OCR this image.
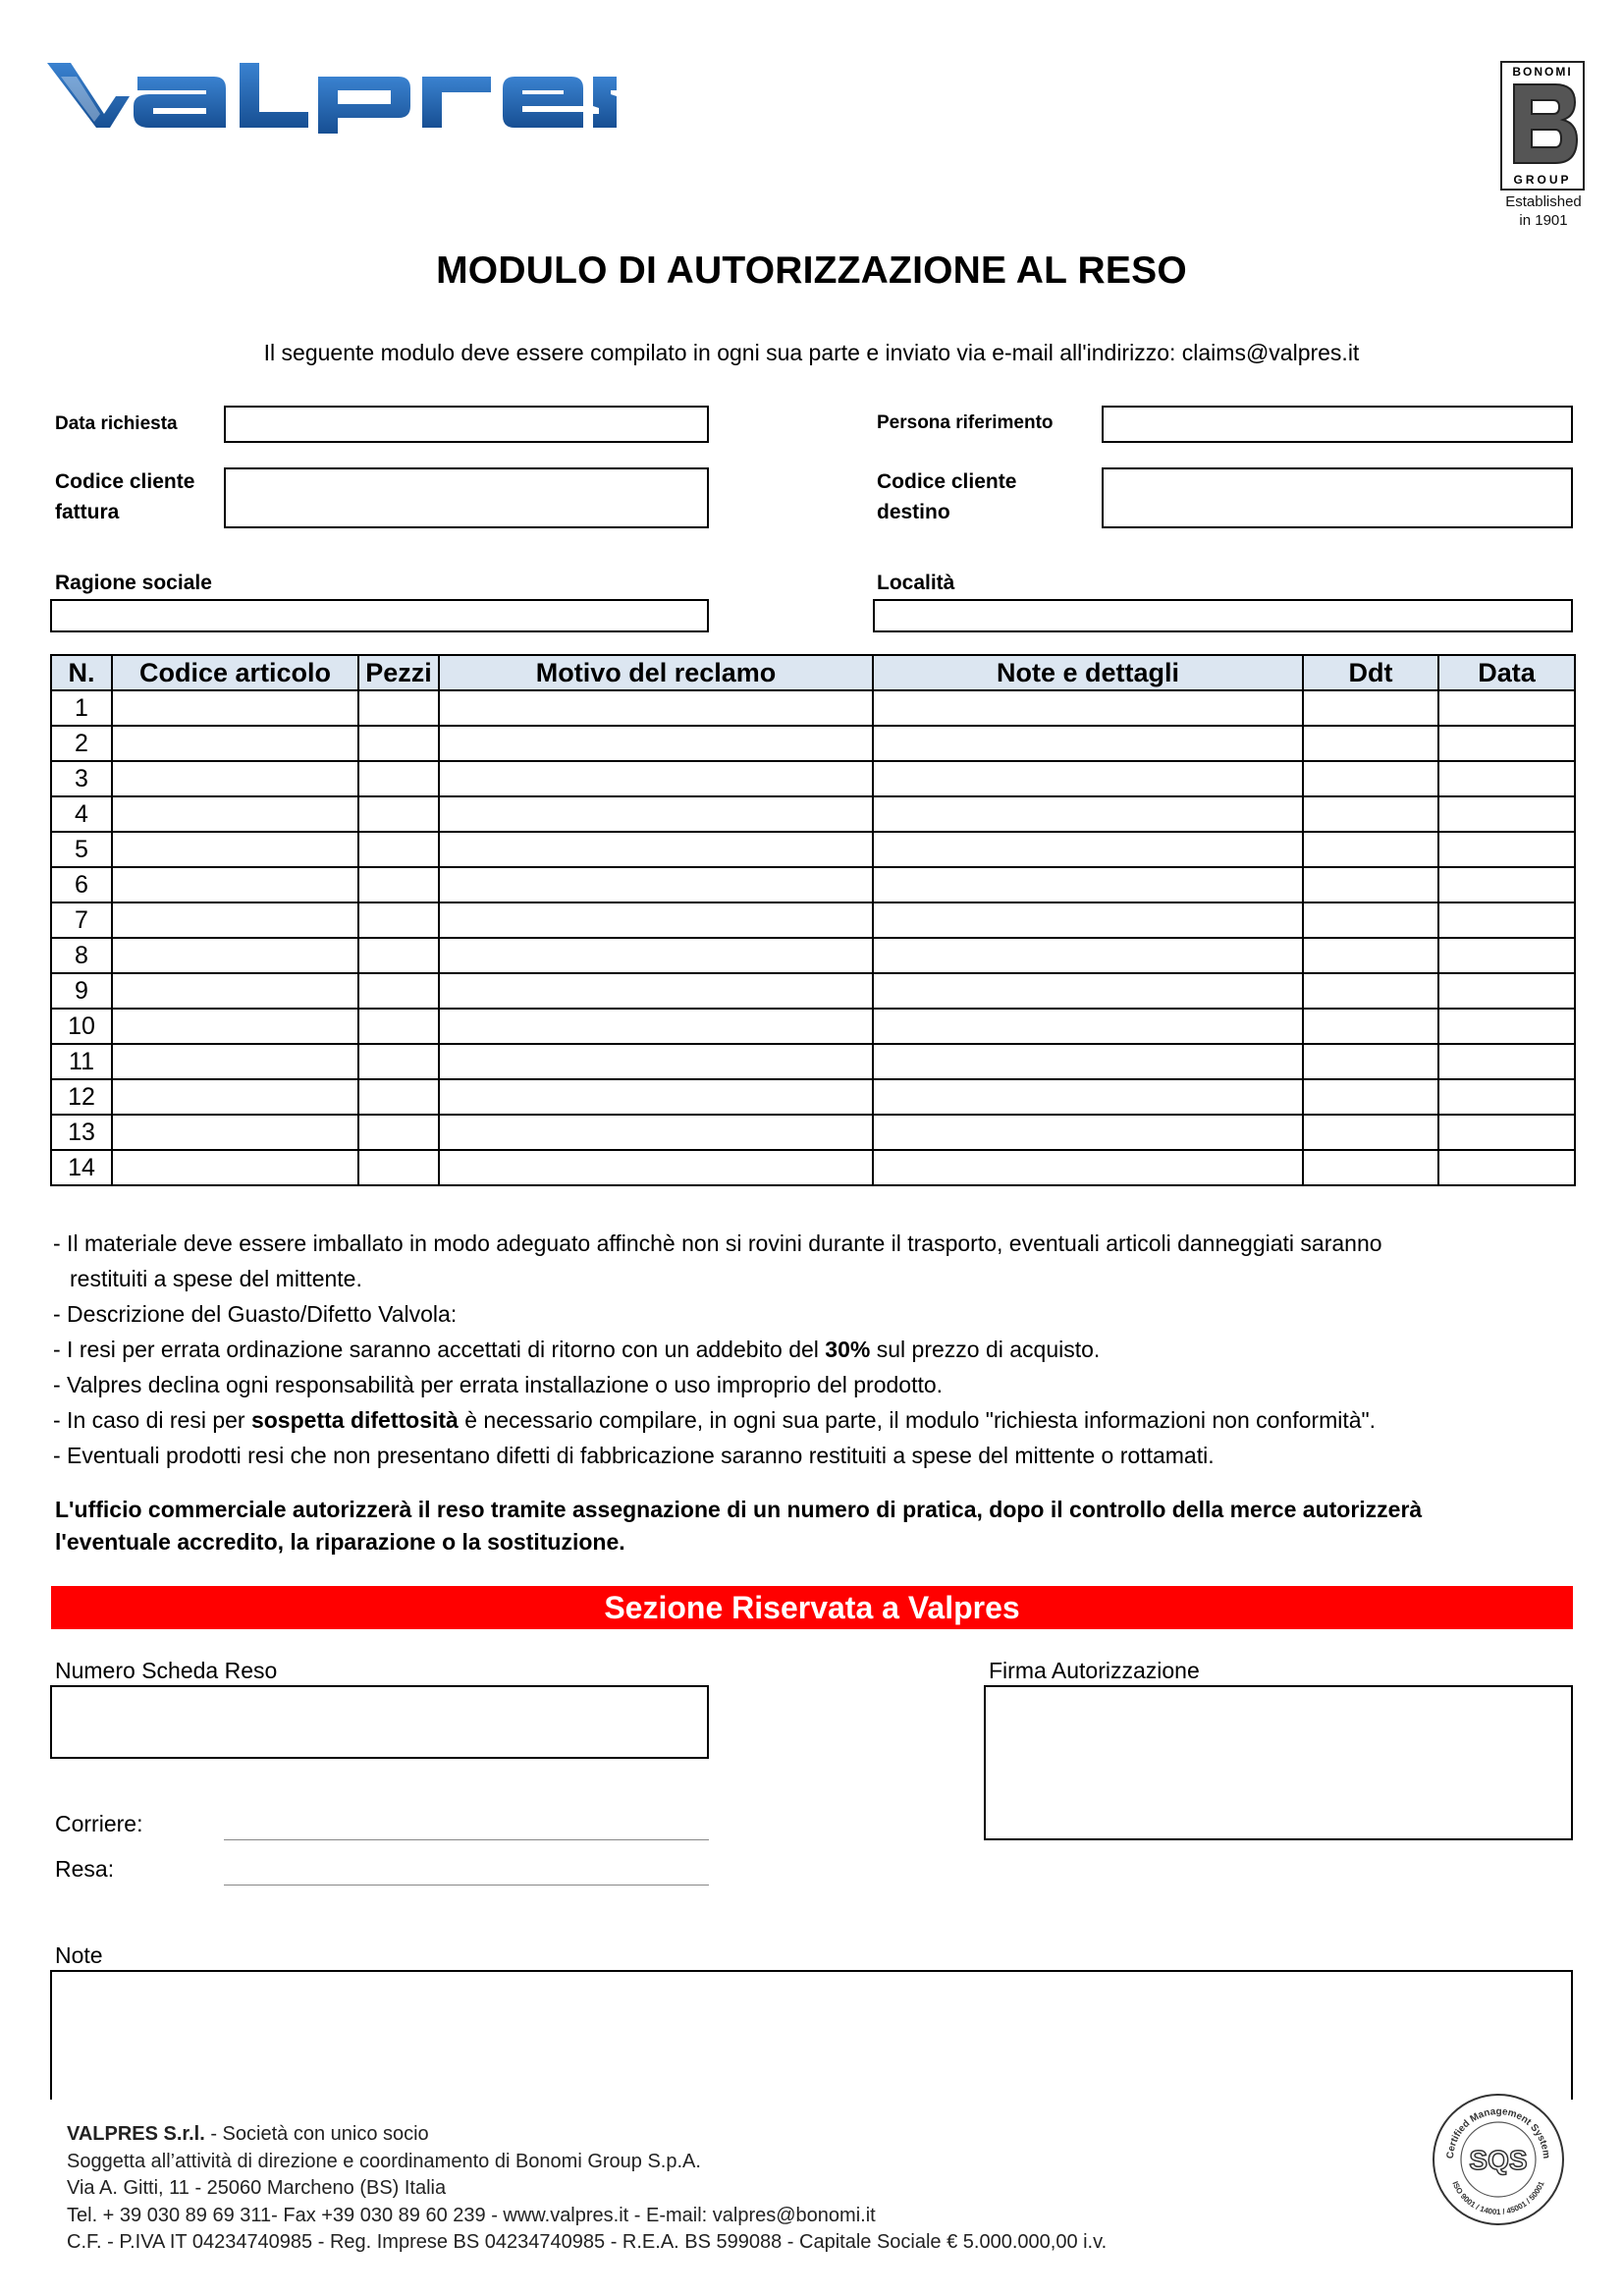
BONOMI
GROUP
Established
in 1901
MODULO DI AUTORIZZAZIONE AL RESO
Il seguente modulo deve essere compilato in ogni sua parte e inviato via e-mail all'indirizzo: claims@valpres.it
Data richiesta	Persona riferimento
Codice cliente
fattura
Codice cliente
destino
Ragione sociale	Località
N.	Codice articolo	Pezzi	Motivo del reclamo	Note e dettagli	Ddt	Data
1						
2						
3						
4						
5						
6						
7						
8						
9						
10						
11						
12						
13						
14						
- Il materiale deve essere imballato in modo adeguato affinchè non si rovini durante il trasporto, eventuali articoli danneggiati saranno
restituiti a spese del mittente.
- Descrizione del Guasto/Difetto Valvola:
- I resi per errata ordinazione saranno accettati di ritorno con un addebito del 30% sul prezzo di acquisto.
- Valpres declina ogni responsabilità per errata installazione o uso improprio del prodotto.
- In caso di resi per sospetta difettosità è necessario compilare, in ogni sua parte, il modulo "richiesta informazioni non conformità".
- Eventuali prodotti resi che non presentano difetti di fabbricazione saranno restituiti a spese del mittente o rottamati.
L'ufficio commerciale autorizzerà il reso tramite assegnazione di un numero di pratica, dopo il controllo della merce autorizzerà
l'eventuale accredito, la riparazione o la sostituzione.
Sezione Riservata a Valpres
Numero Scheda Reso	Firma Autorizzazione
Corriere:
Resa:
Note
VALPRES S.r.l. - Società con unico socio
Soggetta all’attività di direzione e coordinamento di Bonomi Group S.p.A.
Via A. Gitti, 11 - 25060 Marcheno (BS) Italia
Tel. + 39 030 89 69 311- Fax +39 030 89 60 239 - www.valpres.it - E-mail: valpres@bonomi.it
C.F. - P.IVA IT 04234740985 - Reg. Imprese BS 04234740985 - R.E.A. BS 599088 - Capitale Sociale € 5.000.000,00 i.v.
Certified Management System
ISO 9001 / 14001 / 45001 / 50001
SQS
